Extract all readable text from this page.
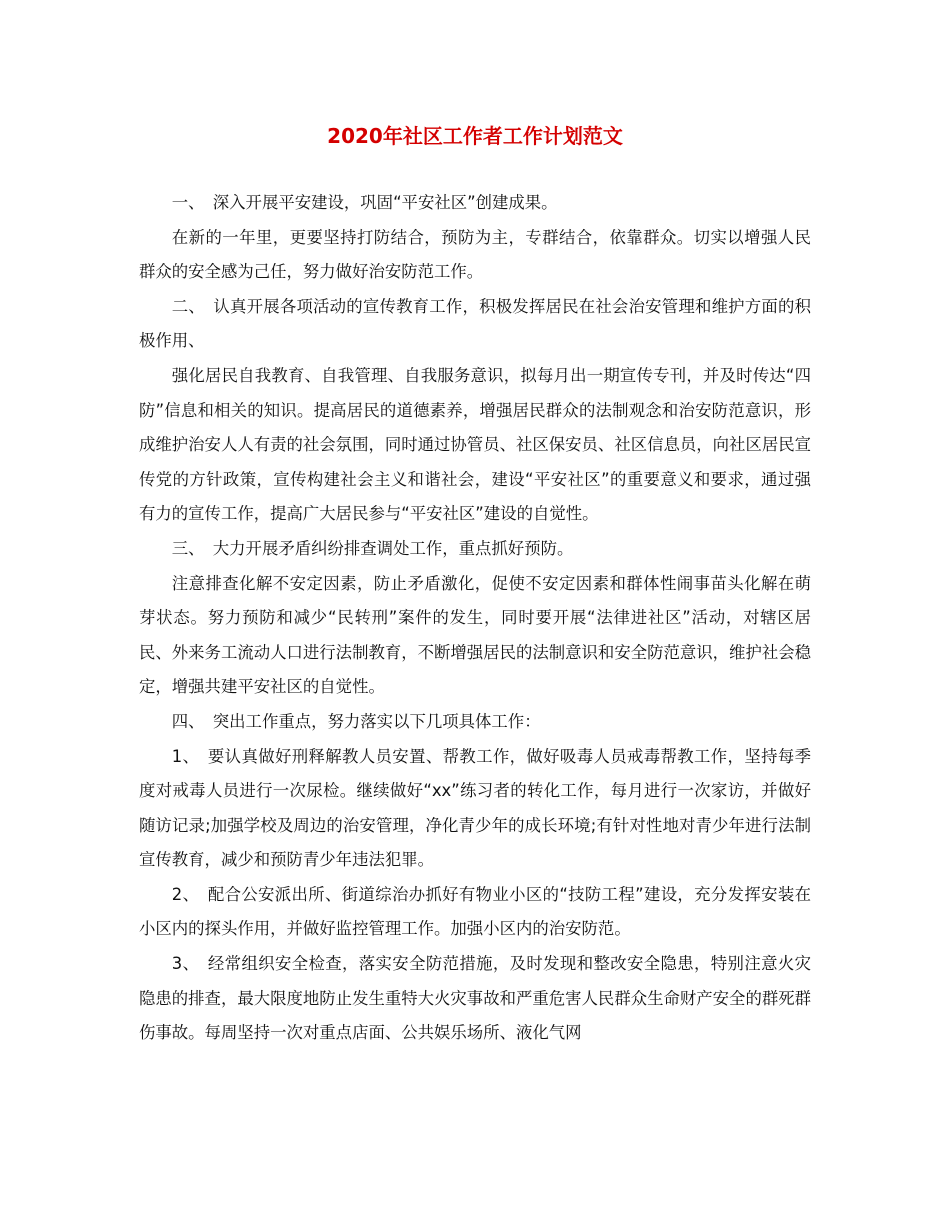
2020年社区工作者工作计划范文

一、　深入开展平安建设，巩固“平安社区”创建成果。

在新的一年里，更要坚持打防结合，预防为主，专群结合，依靠群众。切实以增强人民群众的安全感为己任，努力做好治安防范工作。

二、　认真开展各项活动的宣传教育工作，积极发挥居民在社会治安管理和维护方面的积极作用、

强化居民自我教育、自我管理、自我服务意识，拟每月出一期宣传专刊，并及时传达“四防”信息和相关的知识。提高居民的道德素养，增强居民群众的法制观念和治安防范意识，形成维护治安人人有责的社会氛围，同时通过协管员、社区保安员、社区信息员，向社区居民宣传党的方针政策，宣传构建社会主义和谐社会，建设“平安社区”的重要意义和要求，通过强有力的宣传工作，提高广大居民参与“平安社区”建设的自觉性。

三、　大力开展矛盾纠纷排查调处工作，重点抓好预防。

注意排查化解不安定因素，防止矛盾激化，促使不安定因素和群体性闹事苗头化解在萌芽状态。努力预防和减少“民转刑”案件的发生，同时要开展“法律进社区”活动，对辖区居民、外来务工流动人口进行法制教育，不断增强居民的法制意识和安全防范意识，维护社会稳定，增强共建平安社区的自觉性。

四、　突出工作重点，努力落实以下几项具体工作：

1、　要认真做好刑释解教人员安置、帮教工作，做好吸毒人员戒毒帮教工作，坚持每季度对戒毒人员进行一次尿检。继续做好“xx”练习者的转化工作，每月进行一次家访，并做好随访记录;加强学校及周边的治安管理，净化青少年的成长环境;有针对性地对青少年进行法制宣传教育，减少和预防青少年违法犯罪。

2、　配合公安派出所、街道综治办抓好有物业小区的“技防工程”建设，充分发挥安装在小区内的探头作用，并做好监控管理工作。加强小区内的治安防范。

3、　经常组织安全检查，落实安全防范措施，及时发现和整改安全隐患，特别注意火灾隐患的排查，最大限度地防止发生重特大火灾事故和严重危害人民群众生命财产安全的群死群伤事故。每周坚持一次对重点店面、公共娱乐场所、液化气网
